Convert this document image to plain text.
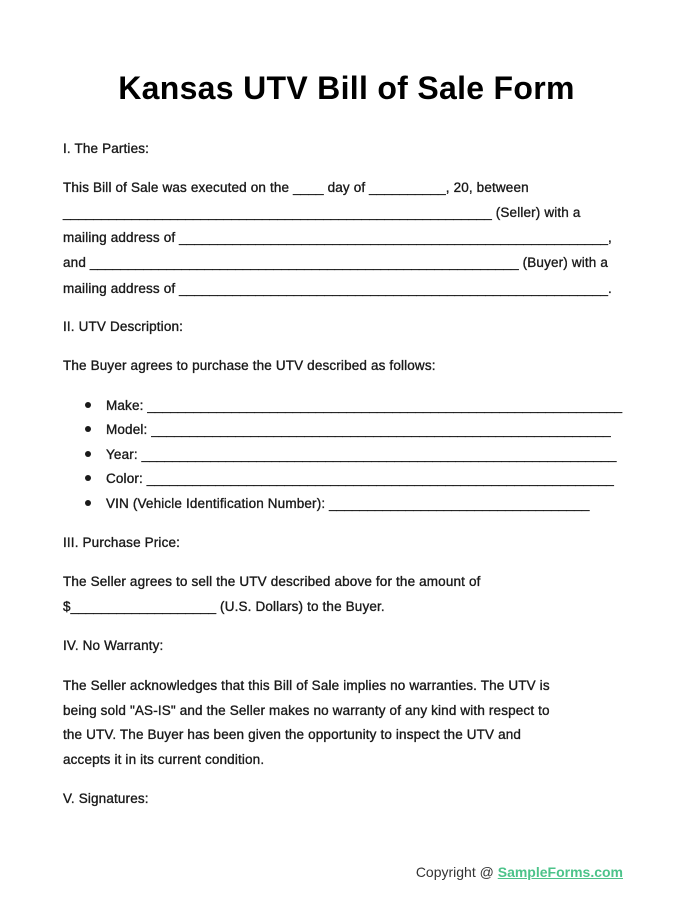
Kansas UTV Bill of Sale Form
I. The Parties:
This Bill of Sale was executed on the ____ day of __________, 20, between
________________________________________________________ (Seller) with a
mailing address of ________________________________________________________,
and ________________________________________________________ (Buyer) with a
mailing address of ________________________________________________________.
II. UTV Description:
The Buyer agrees to purchase the UTV described as follows:
Make: ______________________________________________________________
Model: ____________________________________________________________
Year: ______________________________________________________________
Color: _____________________________________________________________
VIN (Vehicle Identification Number): __________________________________
III. Purchase Price:
The Seller agrees to sell the UTV described above for the amount of
$___________________ (U.S. Dollars) to the Buyer.
IV. No Warranty:
The Seller acknowledges that this Bill of Sale implies no warranties. The UTV is
being sold "AS-IS" and the Seller makes no warranty of any kind with respect to
the UTV. The Buyer has been given the opportunity to inspect the UTV and
accepts it in its current condition.
V. Signatures:
Copyright @ SampleForms.com
